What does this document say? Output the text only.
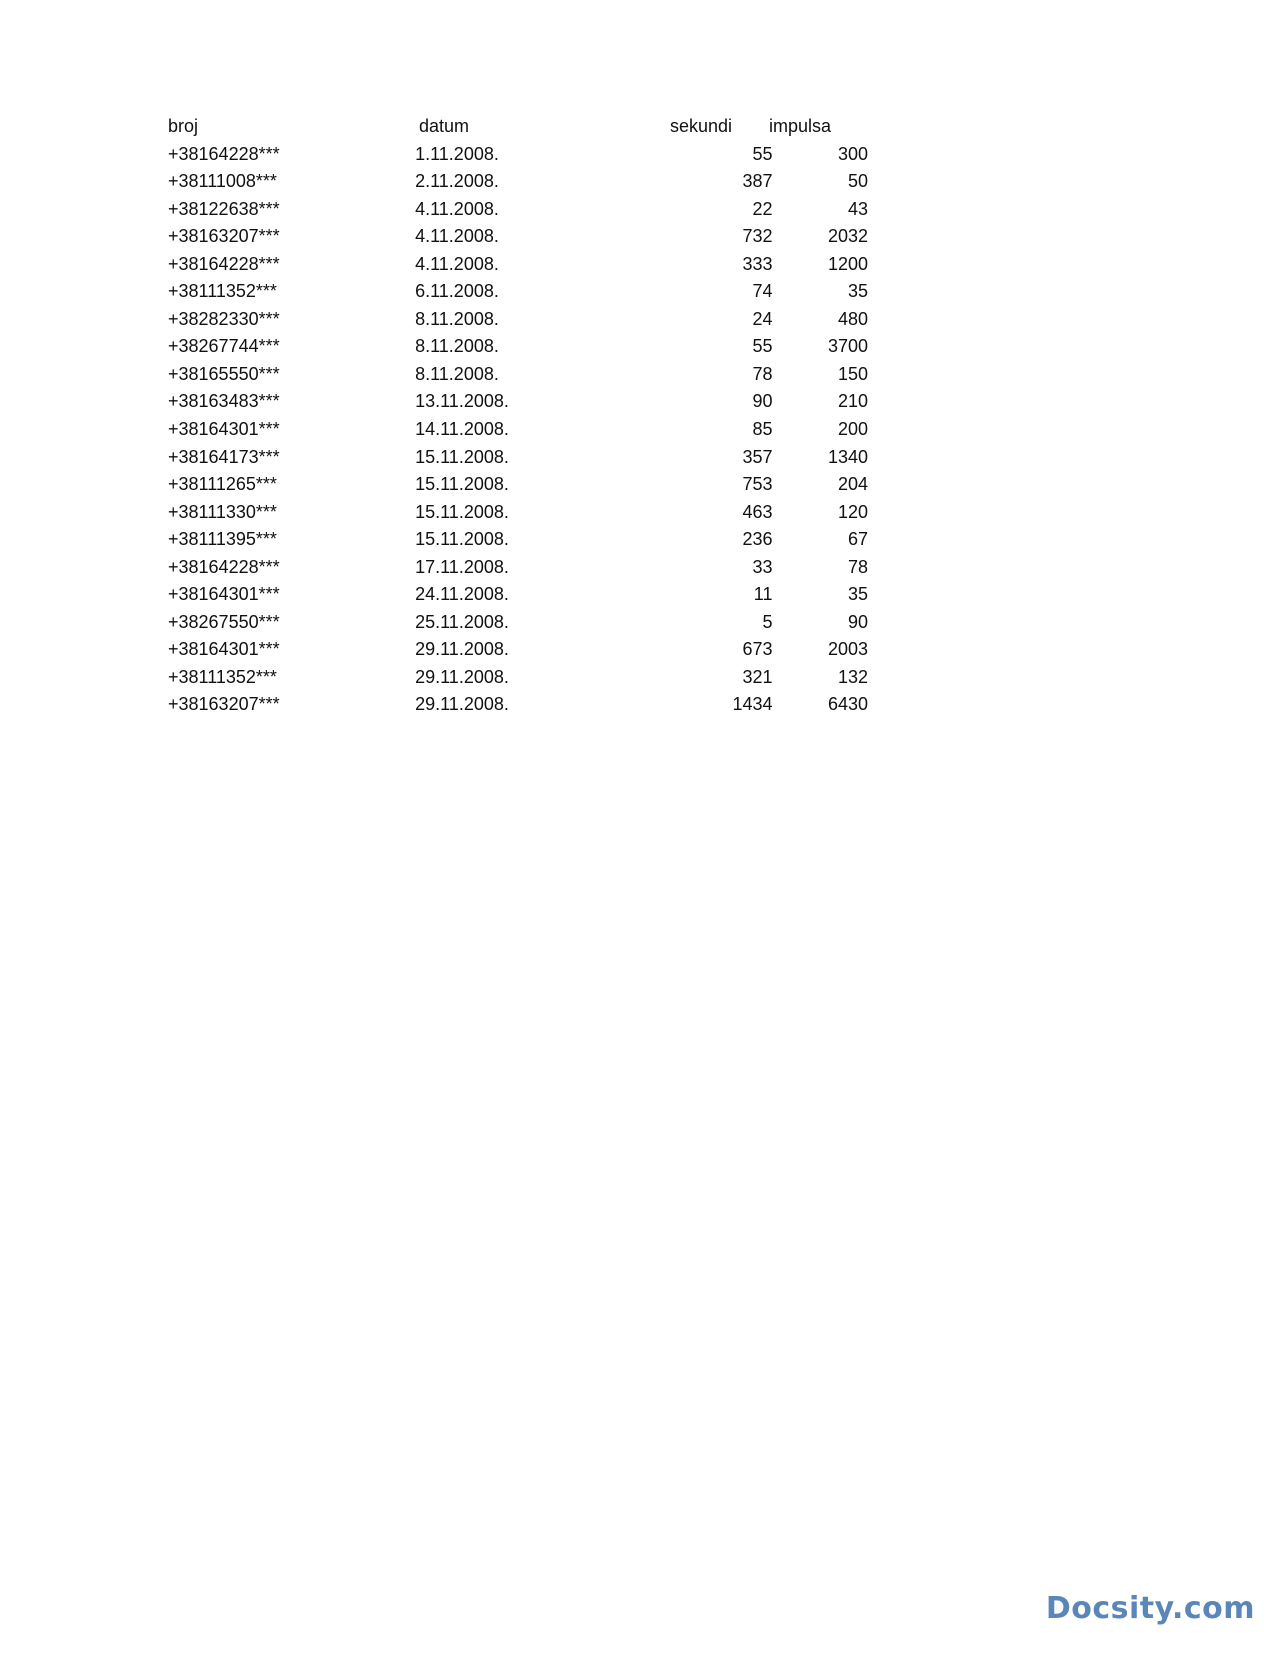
broj	datum	sekundi	impulsa
+38164228***	1.11.2008.	55	300
+38111008***	2.11.2008.	387	50
+38122638***	4.11.2008.	22	43
+38163207***	4.11.2008.	732	2032
+38164228***	4.11.2008.	333	1200
+38111352***	6.11.2008.	74	35
+38282330***	8.11.2008.	24	480
+38267744***	8.11.2008.	55	3700
+38165550***	8.11.2008.	78	150
+38163483***	13.11.2008.	90	210
+38164301***	14.11.2008.	85	200
+38164173***	15.11.2008.	357	1340
+38111265***	15.11.2008.	753	204
+38111330***	15.11.2008.	463	120
+38111395***	15.11.2008.	236	67
+38164228***	17.11.2008.	33	78
+38164301***	24.11.2008.	11	35
+38267550***	25.11.2008.	5	90
+38164301***	29.11.2008.	673	2003
+38111352***	29.11.2008.	321	132
+38163207***	29.11.2008.	1434	6430
Docsity.com
